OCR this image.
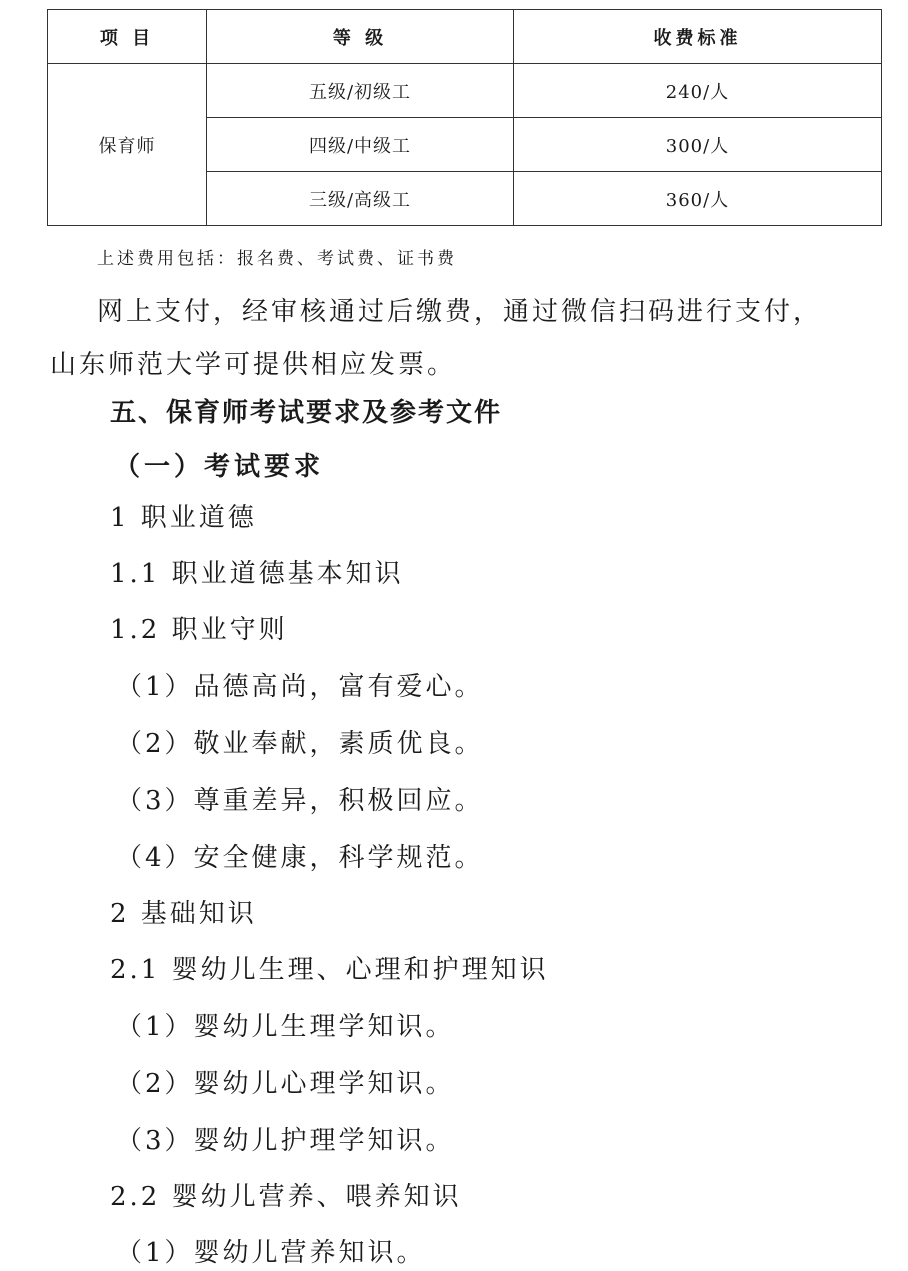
项 目	等 级	收费标准
保育师	五级/初级工	240/人
	四级/中级工	300/人
	三级/高级工	360/人
上述费用包括：报名费、考试费、证书费
网上支付，经审核通过后缴费，通过微信扫码进行支付，
山东师范大学可提供相应发票。
五、保育师考试要求及参考文件
（一）考试要求
1 职业道德
1.1 职业道德基本知识
1.2 职业守则
（1）品德高尚，富有爱心。
（2）敬业奉献，素质优良。
（3）尊重差异，积极回应。
（4）安全健康，科学规范。
2 基础知识
2.1 婴幼儿生理、心理和护理知识
（1）婴幼儿生理学知识。
（2）婴幼儿心理学知识。
（3）婴幼儿护理学知识。
2.2 婴幼儿营养、喂养知识
（1）婴幼儿营养知识。
